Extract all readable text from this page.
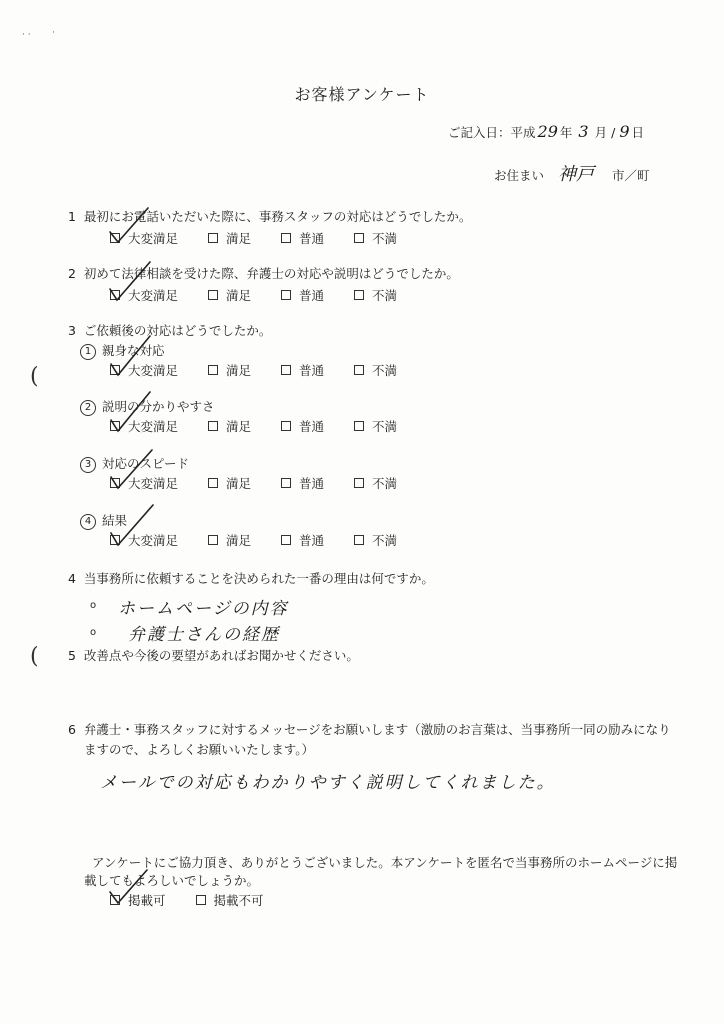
· · ·
お客様アンケート
ご記入日：平成 29 年 3 月 / 9 日
お住まい 神戸 市／町
1 最初にお電話いただいた際に、事務スタッフの対応はどうでしたか。
大変満足	満足	普通	不満
2 初めて法律相談を受けた際、弁護士の対応や説明はどうでしたか。
大変満足	満足	普通	不満
3 ご依頼後の対応はどうでしたか。
1 親身な対応
大変満足	満足	普通	不満
2 説明の分かりやすさ
大変満足	満足	普通	不満
3 対応のスピード
大変満足	満足	普通	不満
4 結果
大変満足	満足	普通	不満
(
(
4 当事務所に依頼することを決められた一番の理由は何ですか。
o ホームページの内容
o 弁護士さんの経歴
5 改善点や今後の要望があればお聞かせください。
6 弁護士・事務スタッフに対するメッセージをお願いします（激励のお言葉は、当事務所一同の励みになり
ますので、よろしくお願いいたします。）
メールでの対応もわかりやすく説明してくれました。
アンケートにご協力頂き、ありがとうございました。本アンケートを匿名で当事務所のホームページに掲
載してもよろしいでしょうか。
掲載可	掲載不可
